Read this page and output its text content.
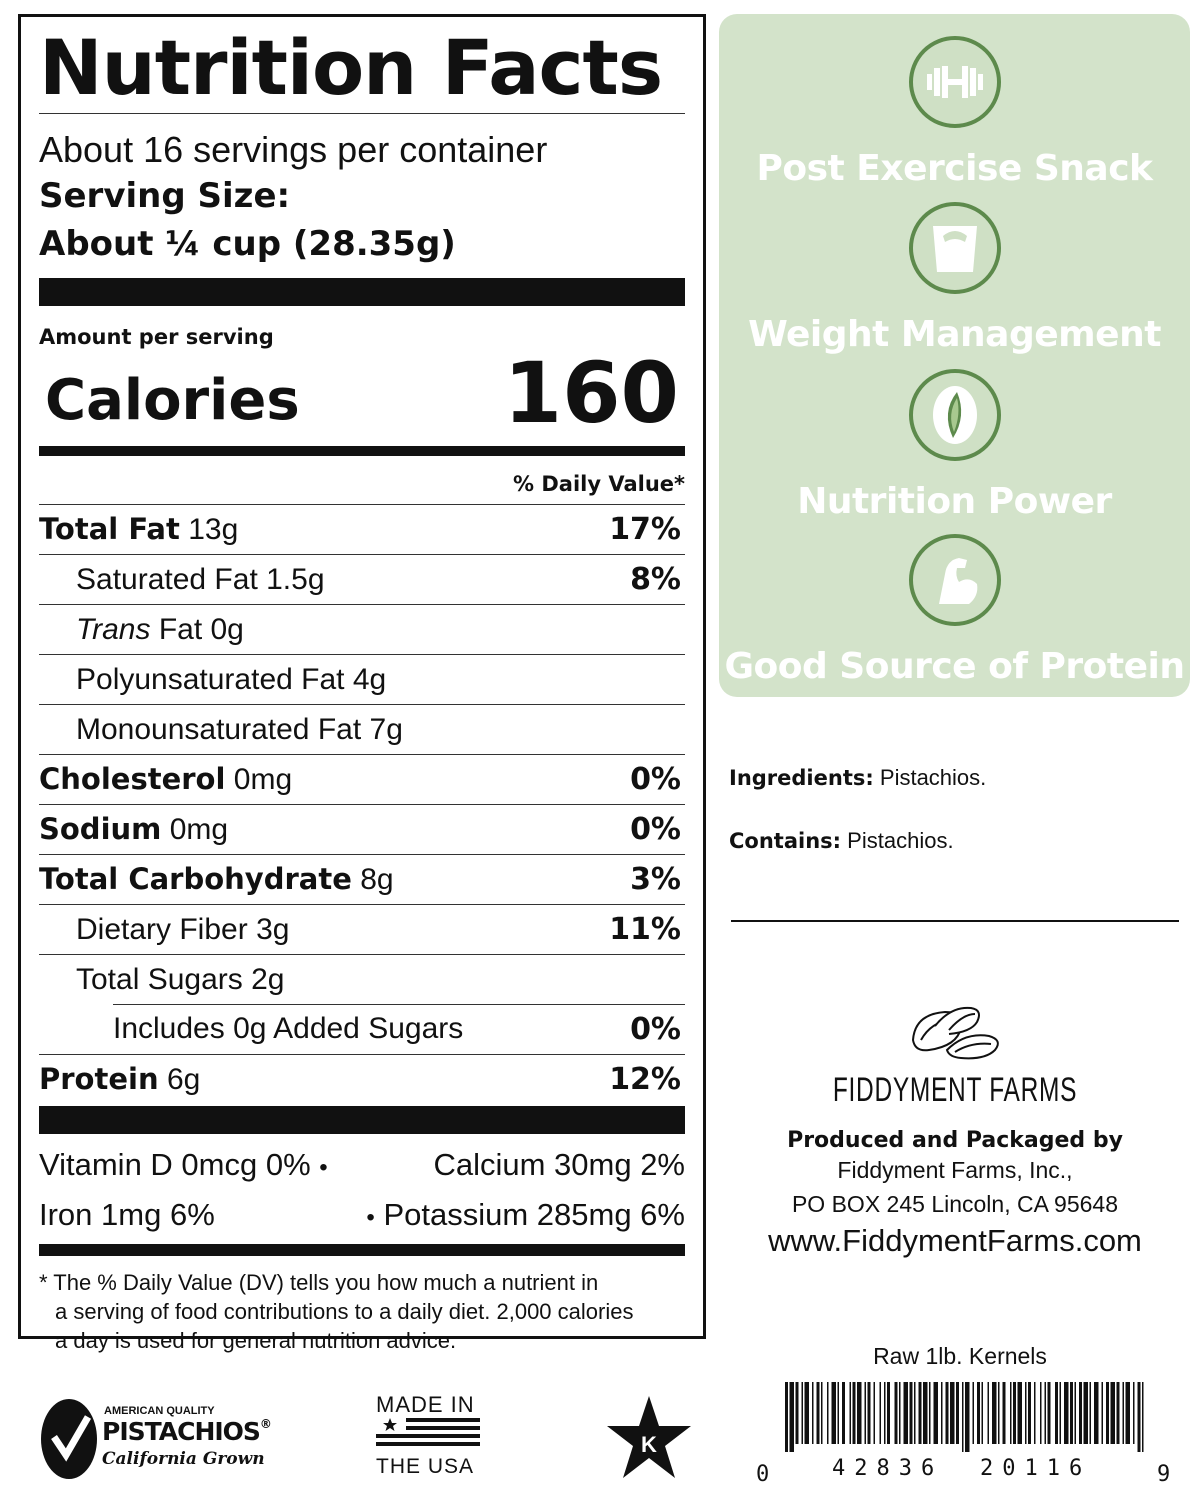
Nutrition Facts
About 16 servings per container
Serving Size:
About ¼ cup (28.35g)
Amount per serving
Calories 160
% Daily Value*
Total Fat 13g	17%
Saturated Fat 1.5g	8%
Trans Fat 0g
Polyunsaturated Fat 4g
Monounsaturated Fat 7g
Cholesterol 0mg	0%
Sodium 0mg	0%
Total Carbohydrate 8g	3%
Dietary Fiber 3g	11%
Total Sugars 2g
Includes 0g Added Sugars	0%
Protein 6g	12%
Vitamin D 0mcg 0% •	Calcium 30mg 2%
Iron 1mg 6%	• Potassium 285mg 6%
* The % Daily Value (DV) tells you how much a nutrient in
a serving of food contributions to a daily diet. 2,000 calories
a day is used for general nutrition advice.
Post Exercise Snack
Weight Management
Nutrition Power
Good Source of Protein
Ingredients: Pistachios.
Contains: Pistachios.
FIDDYMENT FARMS
Produced and Packaged by
Fiddyment Farms, Inc.,
PO BOX 245 Lincoln, CA 95648
www.FiddymentFarms.com
Raw 1lb. Kernels
0	42836 20116	9
AMERICAN QUALITY
PISTACHIOS®
California Grown
MADE IN
THE USA
K
